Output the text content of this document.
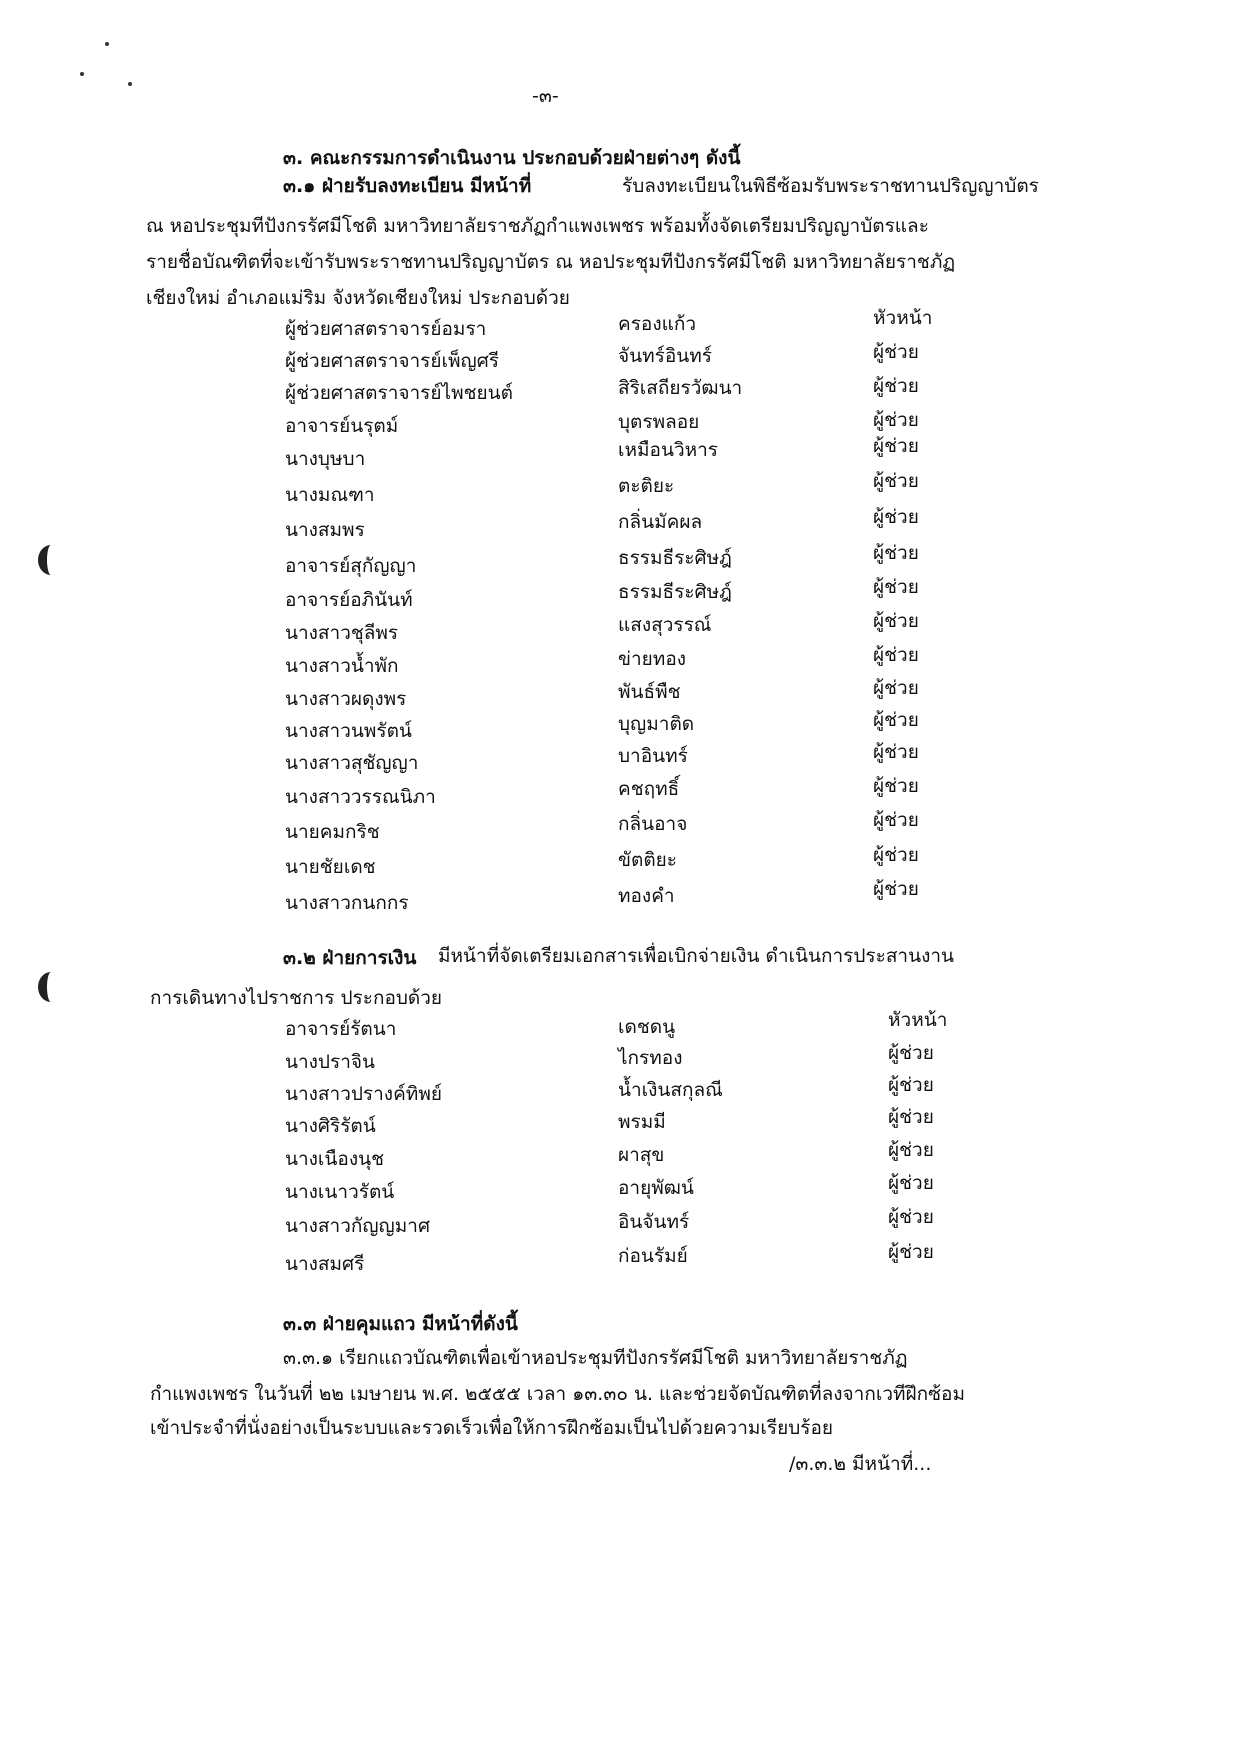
-๓-
๓. คณะกรรมการดำเนินงาน ประกอบด้วยฝ่ายต่างๆ ดังนี้
๓.๑ ฝ่ายรับลงทะเบียน มีหน้าที่	รับลงทะเบียนในพิธีซ้อมรับพระราชทานปริญญาบัตร
ณ หอประชุมทีปังกรรัศมีโชติ มหาวิทยาลัยราชภัฏกำแพงเพชร พร้อมทั้งจัดเตรียมปริญญาบัตรและ
รายชื่อบัณฑิตที่จะเข้ารับพระราชทานปริญญาบัตร ณ หอประชุมทีปังกรรัศมีโชติ มหาวิทยาลัยราชภัฏ
เชียงใหม่ อำเภอแม่ริม จังหวัดเชียงใหม่ ประกอบด้วย
ผู้ช่วยศาสตราจารย์อมรา	ครองแก้ว	หัวหน้า
ผู้ช่วยศาสตราจารย์เพ็ญศรี	จันทร์อินทร์	ผู้ช่วย
ผู้ช่วยศาสตราจารย์ไพชยนต์	สิริเสถียรวัฒนา	ผู้ช่วย
อาจารย์นรุตม์	บุตรพลอย	ผู้ช่วย
นางบุษบา	เหมือนวิหาร	ผู้ช่วย
นางมณฑา	ตะติยะ	ผู้ช่วย
นางสมพร	กลิ่นมัคผล	ผู้ช่วย
อาจารย์สุกัญญา	ธรรมธีระศิษฎ์	ผู้ช่วย
อาจารย์อภินันท์	ธรรมธีระศิษฎ์	ผู้ช่วย
นางสาวชุลีพร	แสงสุวรรณ์	ผู้ช่วย
นางสาวน้ำพัก	ข่ายทอง	ผู้ช่วย
นางสาวผดุงพร	พันธ์พืช	ผู้ช่วย
นางสาวนพรัตน์	บุญมาติด	ผู้ช่วย
นางสาวสุชัญญา	บาอินทร์	ผู้ช่วย
นางสาววรรณนิภา	คชฤทธิ์	ผู้ช่วย
นายคมกริช	กลิ่นอาจ	ผู้ช่วย
นายชัยเดช	ขัตติยะ	ผู้ช่วย
นางสาวกนกกร	ทองคำ	ผู้ช่วย
๓.๒ ฝ่ายการเงิน มีหน้าที่จัดเตรียมเอกสารเพื่อเบิกจ่ายเงิน ดำเนินการประสานงาน
การเดินทางไปราชการ ประกอบด้วย
อาจารย์รัตนา	เดชดนู	หัวหน้า
นางปราจิน	ไกรทอง	ผู้ช่วย
นางสาวปรางค์ทิพย์	น้ำเงินสกุลณี	ผู้ช่วย
นางศิริรัตน์	พรมมี	ผู้ช่วย
นางเนืองนุช	ผาสุข	ผู้ช่วย
นางเนาวรัตน์	อายุพัฒน์	ผู้ช่วย
นางสาวกัญญมาศ	อินจันทร์	ผู้ช่วย
นางสมศรี	ก่อนรัมย์	ผู้ช่วย
๓.๓ ฝ่ายคุมแถว มีหน้าที่ดังนี้
๓.๓.๑ เรียกแถวบัณฑิตเพื่อเข้าหอประชุมทีปังกรรัศมีโชติ มหาวิทยาลัยราชภัฏ
กำแพงเพชร ในวันที่ ๒๒ เมษายน พ.ศ. ๒๕๕๕ เวลา ๑๓.๓๐ น. และช่วยจัดบัณฑิตที่ลงจากเวทีฝึกซ้อม
เข้าประจำที่นั่งอย่างเป็นระบบและรวดเร็วเพื่อให้การฝึกซ้อมเป็นไปด้วยความเรียบร้อย
/๓.๓.๒ มีหน้าที่...
